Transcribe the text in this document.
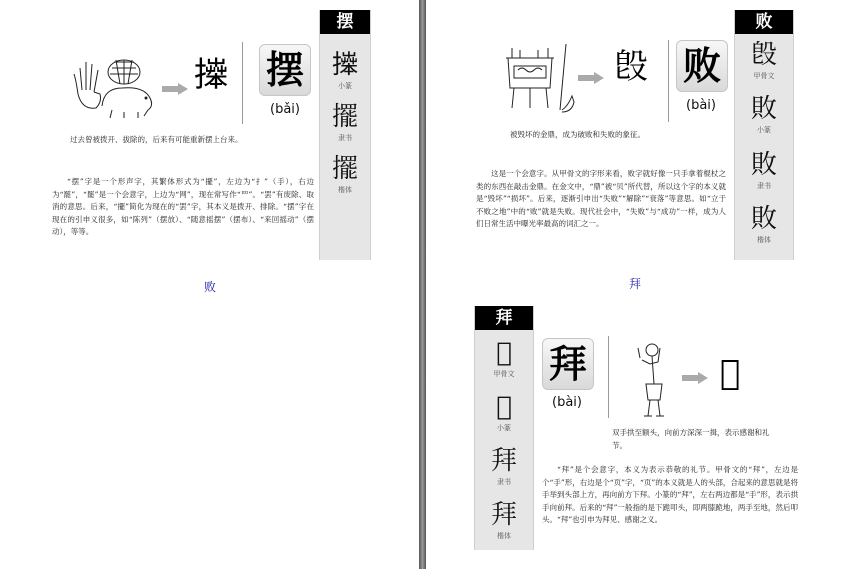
𢷎 摆
(bǎi)
摆
𢷎
小篆
擺
隶书
擺
楷体
过去曾被拨开、拔除的，后来有可能重新摆上台来。
“摆”字是一个形声字，其繁体形式为“擺”，左边为“扌”（手），右边为“罷”，“罷”是一个会意字，上边为“网”，现在常写作“罒”。“罢”有废除、取消的意思。后来，“擺”简化为现在的“罢”字，其本义是拨开、排除。“摆”字在现在的引申义很多，如“陈列”（摆放）、“随意摇摆”（摆布）、“来回摇动”（摆动），等等。
败
𣪘 败
(bài)
败
𣪘
甲骨文
敗
小篆
敗
隶书
敗
楷体
被毁坏的金鼎，成为破败和失败的象征。
这是一个会意字。从甲骨文的字形来看，败字就好像一只手拿着棍杖之类的东西在敲击金鼎。在金文中，“鼎”被“贝”所代替，所以这个字的本义就是“毁坏”“损坏”。后来，逐渐引申出“失败”“解除”“衰落”等意思。如“立于不败之地”中的“败”就是失败。现代社会中，“失败”与“成功”一样，成为人们日常生活中曝光率最高的词汇之一。
拜
拜
𢱭
甲骨文
𢱭
小篆
拜
隶书
拜
楷体
拜
(bài)
𢱭
双手拱至额头，向前方深深一揖，表示感谢和礼节。
“拜”是个会意字，本义为表示恭敬的礼节。甲骨文的“拜”，左边是个“手”形，右边是个“页”字，“页”的本义就是人的头部，合起来的意思就是将手举到头部上方，再向前方下拜。小篆的“拜”，左右两边都是“手”形，表示拱手向前拜。后来的“拜”一般指的是下跪叩头，即两膝跪地，两手至地，然后叩头。“拜”也引申为拜见、感谢之义。
